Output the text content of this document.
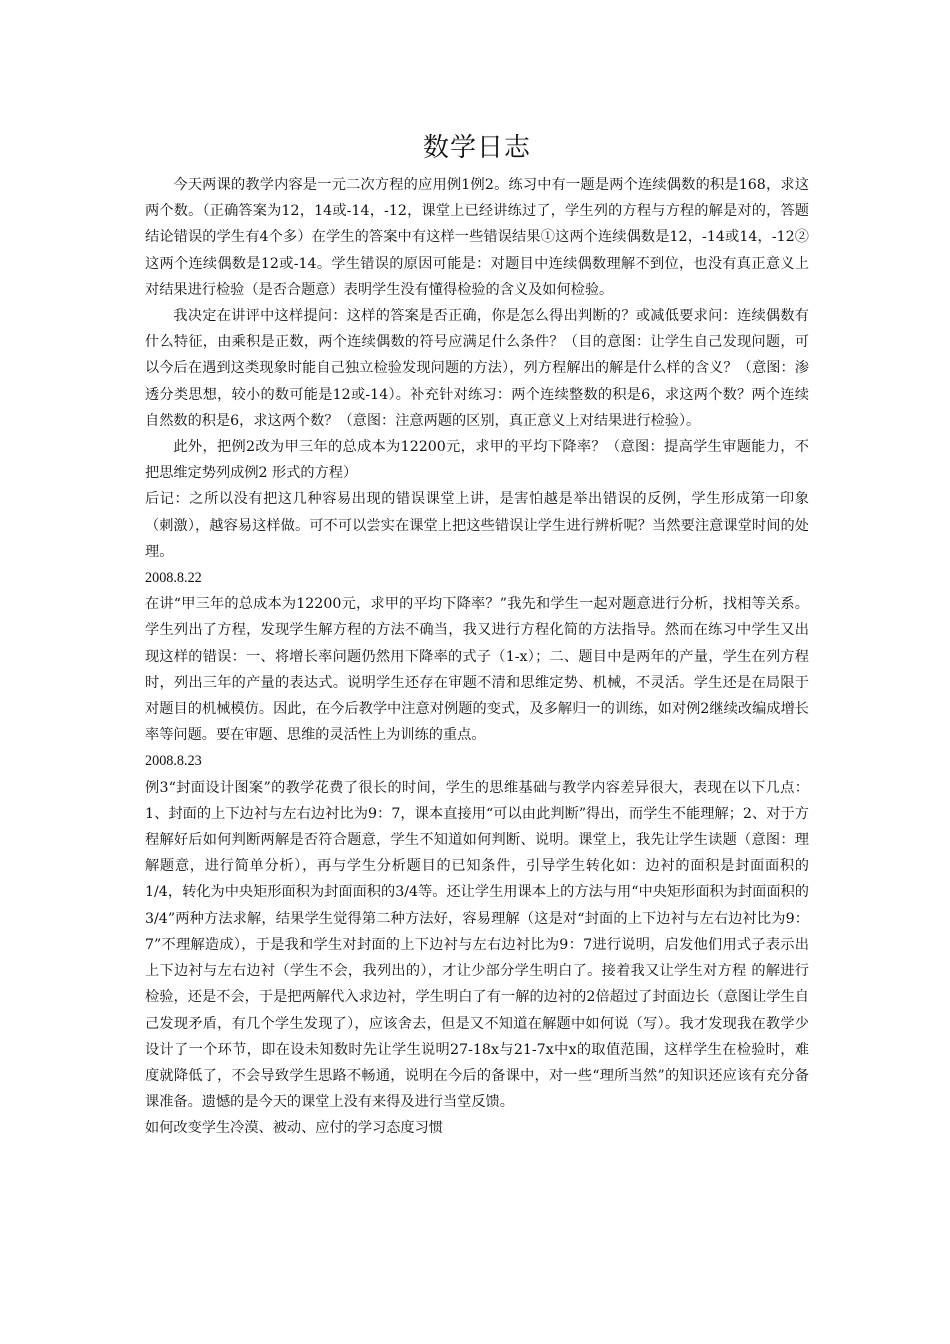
数学日志

今天两课的教学内容是一元二次方程的应用例1例2。练习中有一题是两个连续偶数的积是168，求这两个数。（正确答案为12，14或-14，-12，课堂上已经讲练过了，学生列的方程与方程的解是对的，答题结论错误的学生有4个多）在学生的答案中有这样一些错误结果①这两个连续偶数是12，-14或14，-12② 这两个连续偶数是12或-14。学生错误的原因可能是：对题目中连续偶数理解不到位，也没有真正意义上对结果进行检验（是否合题意）表明学生没有懂得检验的含义及如何检验。

我决定在讲评中这样提问：这样的答案是否正确，你是怎么得出判断的？或减低要求问：连续偶数有什么特征，由乘积是正数，两个连续偶数的符号应满足什么条件？（目的意图：让学生自己发现问题，可以今后在遇到这类现象时能自己独立检验发现问题的方法），列方程解出的解是什么样的含义？（意图：渗透分类思想，较小的数可能是12或-14）。补充针对练习：两个连续整数的积是6，求这两个数？两个连续自然数的积是6，求这两个数？（意图：注意两题的区别，真正意义上对结果进行检验）。

此外，把例2改为甲三年的总成本为12200元，求甲的平均下降率？（意图：提高学生审题能力，不把思维定势列成例2 形式的方程）

后记：之所以没有把这几种容易出现的错误课堂上讲，是害怕越是举出错误的反例，学生形成第一印象（刺激），越容易这样做。可不可以尝实在课堂上把这些错误让学生进行辨析呢？当然要注意课堂时间的处理。

2008.8.22

在讲“甲三年的总成本为12200元，求甲的平均下降率？”我先和学生一起对题意进行分析，找相等关系。学生列出了方程，发现学生解方程的方法不确当，我又进行方程化简的方法指导。然而在练习中学生又出现这样的错误：一、将增长率问题仍然用下降率的式子（1-x）；二、题目中是两年的产量，学生在列方程时，列出三年的产量的表达式。说明学生还存在审题不清和思维定势、机械，不灵活。学生还是在局限于对题目的机械模仿。因此，在今后教学中注意对例题的变式，及多解归一的训练，如对例2继续改编成增长率等问题。要在审题、思维的灵活性上为训练的重点。

2008.8.23

例3“封面设计图案”的教学花费了很长的时间，学生的思维基础与教学内容差异很大，表现在以下几点：1、封面的上下边衬与左右边衬比为9：7，课本直接用“可以由此判断”得出，而学生不能理解；2、对于方程解好后如何判断两解是否符合题意，学生不知道如何判断、说明。课堂上，我先让学生读题（意图：理解题意，进行简单分析），再与学生分析题目的已知条件，引导学生转化如：边衬的面积是封面面积的1/4，转化为中央矩形面积为封面面积的3/4等。还让学生用课本上的方法与用“中央矩形面积为封面面积的3/4”两种方法求解，结果学生觉得第二种方法好，容易理解（这是对“封面的上下边衬与左右边衬比为9：7”不理解造成），于是我和学生对封面的上下边衬与左右边衬比为9：7进行说明，启发他们用式子表示出上下边衬与左右边衬（学生不会，我列出的），才让少部分学生明白了。接着我又让学生对方程 的解进行检验，还是不会，于是把两解代入求边衬，学生明白了有一解的边衬的2倍超过了封面边长（意图让学生自己发现矛盾，有几个学生发现了），应该舍去，但是又不知道在解题中如何说（写）。我才发现我在教学少设计了一个环节，即在设未知数时先让学生说明27-18x与21-7x中x的取值范围，这样学生在检验时，难度就降低了，不会导致学生思路不畅通，说明在今后的备课中，对一些“理所当然”的知识还应该有充分备课准备。遗憾的是今天的课堂上没有来得及进行当堂反馈。

如何改变学生冷漠、被动、应付的学习态度习惯
